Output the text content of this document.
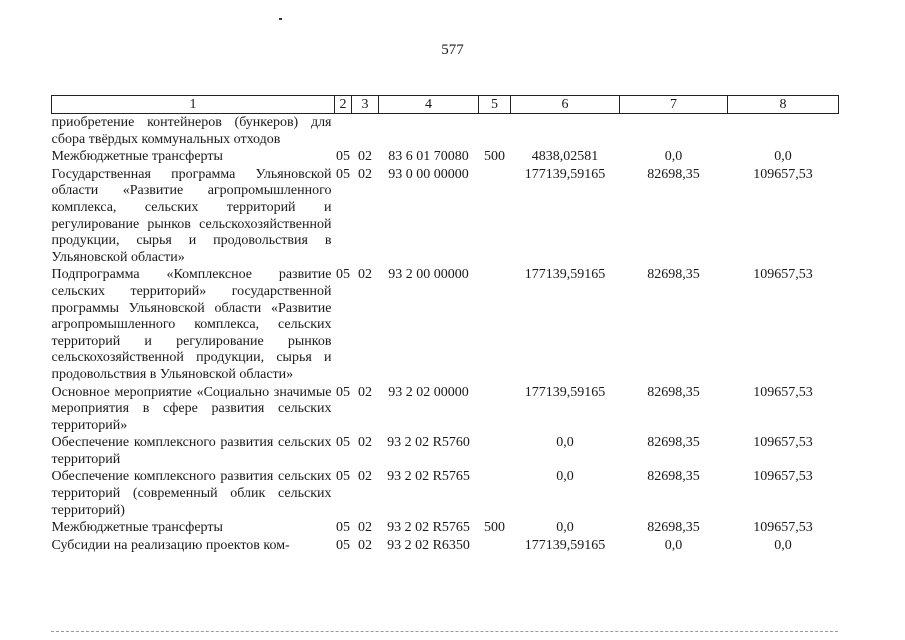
577
1	2	3	4	5	6	7	8
приобретение контейнеров (бункеров) для сбора твёрдых коммунальных отходов							
Межбюджетные трансферты	05	02	83 6 01 70080	500	4838,02581	0,0	0,0
Государственная программа Ульяновской области «Развитие агропромышленного комплекса, сельских территорий и регулирование рынков сельскохозяйственной продукции, сырья и продовольствия в Ульяновской области»	05	02	93 0 00 00000		177139,59165	82698,35	109657,53
Подпрограмма «Комплексное развитие сельских территорий» государственной программы Ульяновской области «Развитие агропромышленного комплекса, сельских территорий и регулирование рынков сельскохозяйственной продукции, сырья и продовольствия в Ульяновской области»	05	02	93 2 00 00000		177139,59165	82698,35	109657,53
Основное мероприятие «Социально значимые мероприятия в сфере развития сельских территорий»	05	02	93 2 02 00000		177139,59165	82698,35	109657,53
Обеспечение комплексного развития сельских территорий	05	02	93 2 02 R5760		0,0	82698,35	109657,53
Обеспечение комплексного развития сельских территорий (современный облик сельских территорий)	05	02	93 2 02 R5765		0,0	82698,35	109657,53
Межбюджетные трансферты	05	02	93 2 02 R5765	500	0,0	82698,35	109657,53
Субсидии на реализацию проектов ком-	05	02	93 2 02 R6350		177139,59165	0,0	0,0
